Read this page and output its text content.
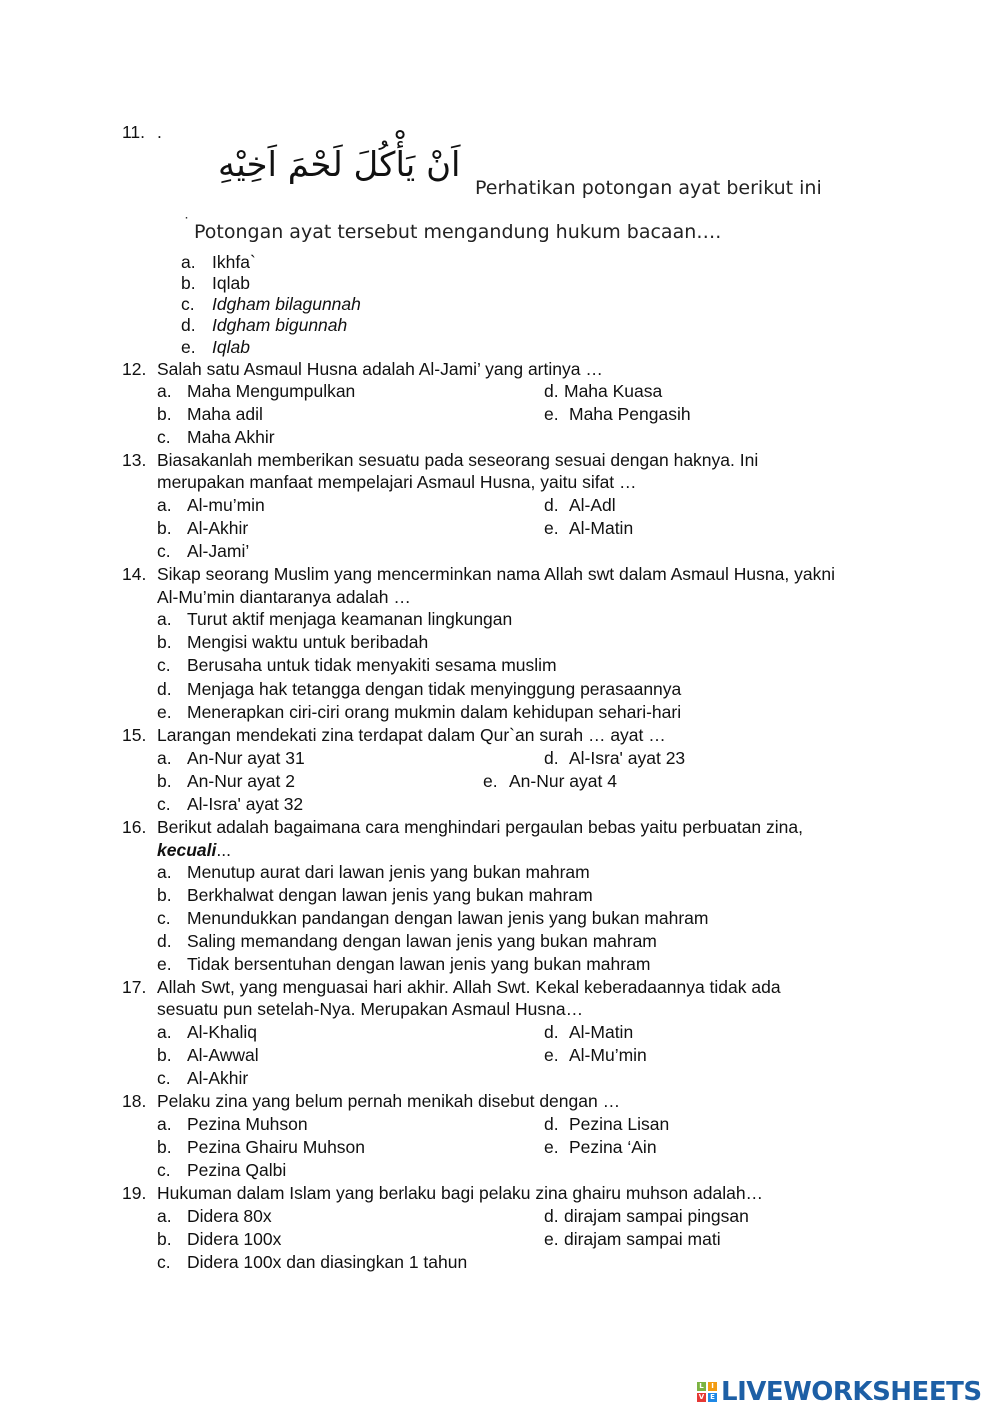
11. .
اَنْ يَأْكُلَ لَحْمَ اَخِيْهِ
Perhatikan potongan ayat berikut ini
˙ Potongan ayat tersebut mengandung hukum bacaan….
a. Ikhfa`
b. Iqlab
c. Idgham bilagunnah
d. Idgham bigunnah
e. Iqlab
12. Salah satu Asmaul Husna adalah Al-Jami’ yang artinya …
a. Maha Mengumpulkan
b. Maha adil
c. Maha Akhir
d. Maha Kuasa
e. Maha Pengasih
13. Biasakanlah memberikan sesuatu pada seseorang sesuai dengan haknya. Ini
merupakan manfaat mempelajari Asmaul Husna, yaitu sifat …
a. Al-mu’min
b. Al-Akhir
c. Al-Jami’
d. Al-Adl
e. Al-Matin
14. Sikap seorang Muslim yang mencerminkan nama Allah swt dalam Asmaul Husna, yakni
Al-Mu’min diantaranya adalah …
a. Turut aktif menjaga keamanan lingkungan
b. Mengisi waktu untuk beribadah
c. Berusaha untuk tidak menyakiti sesama muslim
d. Menjaga hak tetangga dengan tidak menyinggung perasaannya
e. Menerapkan ciri-ciri orang mukmin dalam kehidupan sehari-hari
15. Larangan mendekati zina terdapat dalam Qur`an surah … ayat …
a. An-Nur ayat 31
b. An-Nur ayat 2
c. Al-Isra' ayat 32
d. Al-Isra' ayat 23
e. An-Nur ayat 4
16. Berikut adalah bagaimana cara menghindari pergaulan bebas yaitu perbuatan zina,
kecuali...
a. Menutup aurat dari lawan jenis yang bukan mahram
b. Berkhalwat dengan lawan jenis yang bukan mahram
c. Menundukkan pandangan dengan lawan jenis yang bukan mahram
d. Saling memandang dengan lawan jenis yang bukan mahram
e. Tidak bersentuhan dengan lawan jenis yang bukan mahram
17. Allah Swt, yang menguasai hari akhir. Allah Swt. Kekal keberadaannya tidak ada
sesuatu pun setelah-Nya. Merupakan Asmaul Husna…
a. Al-Khaliq
b. Al-Awwal
c. Al-Akhir
d. Al-Matin
e. Al-Mu’min
18. Pelaku zina yang belum pernah menikah disebut dengan …
a. Pezina Muhson
b. Pezina Ghairu Muhson
c. Pezina Qalbi
d. Pezina Lisan
e. Pezina ‘Ain
19. Hukuman dalam Islam yang berlaku bagi pelaku zina ghairu muhson adalah…
a. Didera 80x
b. Didera 100x
c. Didera 100x dan diasingkan 1 tahun
d. dirajam sampai pingsan
e. dirajam sampai mati
L	I
V E LIVEWORKSHEETS
